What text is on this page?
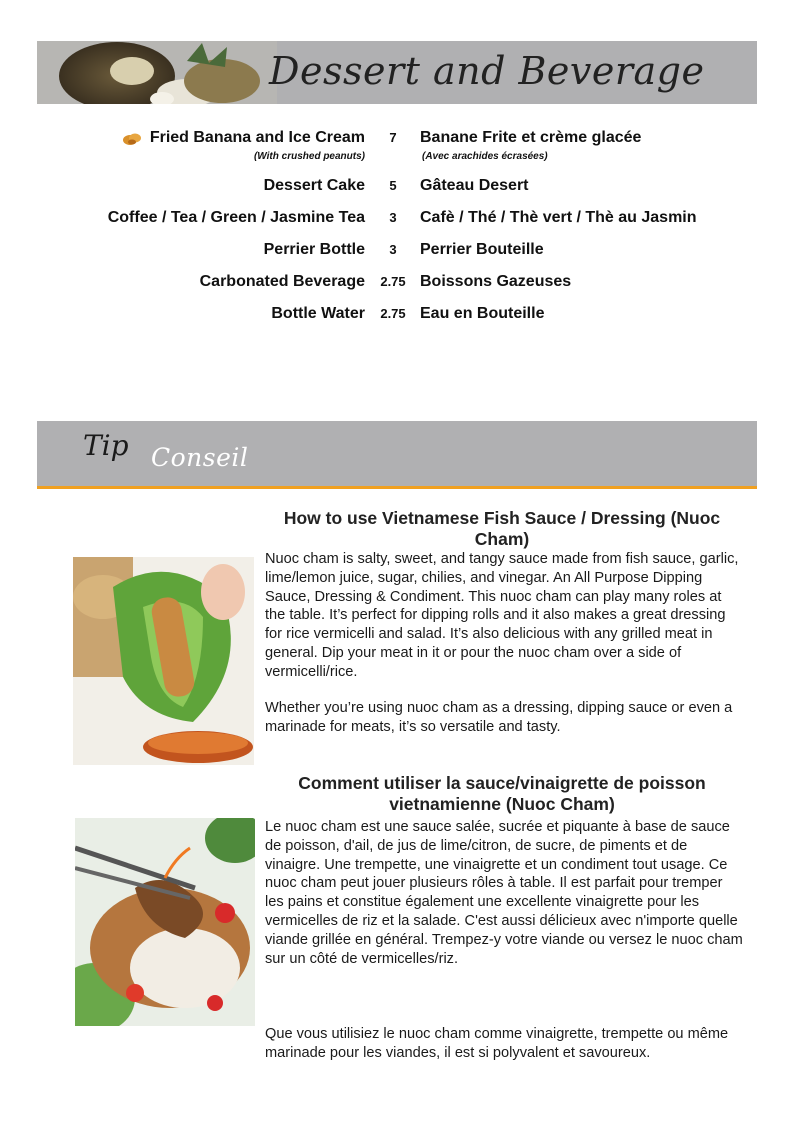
Dessert and Beverage
Fried Banana and Ice Cream	7	Banane Frite et crème glacée
(With crushed peanuts)	(Avec arachides écrasées)
Dessert Cake	5	Gâteau Desert
Coffee / Tea / Green / Jasmine Tea	3	Cafè / Thé / Thè vert / Thè au Jasmin
Perrier Bottle	3	Perrier Bouteille
Carbonated Beverage	2.75 Boissons Gazeuses
Bottle Water	2.75 Eau en Bouteille
Tip Conseil
How to use Vietnamese Fish Sauce / Dressing (Nuoc Cham)
Nuoc cham is salty, sweet, and tangy sauce made from fish sauce, garlic, lime/lemon juice, sugar, chilies, and vinegar. An All Purpose Dipping Sauce, Dressing & Condiment. This nuoc cham can play many roles at the table. It’s perfect for dipping rolls and it also makes a great dressing for rice vermicelli and salad. It’s also delicious with any grilled meat in general. Dip your meat in it or pour the nuoc cham over a side of vermicelli/rice.
Whether you’re using nuoc cham as a dressing, dipping sauce or even a marinade for meats, it’s so versatile and tasty.
Comment utiliser la sauce/vinaigrette de poisson vietnamienne (Nuoc Cham)
Le nuoc cham est une sauce salée, sucrée et piquante à base de sauce de poisson, d'ail, de jus de lime/citron, de sucre, de piments et de vinaigre. Une trempette, une vinaigrette et un condiment tout usage. Ce nuoc cham peut jouer plusieurs rôles à table. Il est parfait pour tremper les pains et constitue également une excellente vinaigrette pour les vermicelles de riz et la salade. C'est aussi délicieux avec n'importe quelle viande grillée en général. Trempez-y votre viande ou versez le nuoc cham sur un côté de vermicelles/riz.
Que vous utilisiez le nuoc cham comme vinaigrette, trempette ou même marinade pour les viandes, il est si polyvalent et savoureux.
